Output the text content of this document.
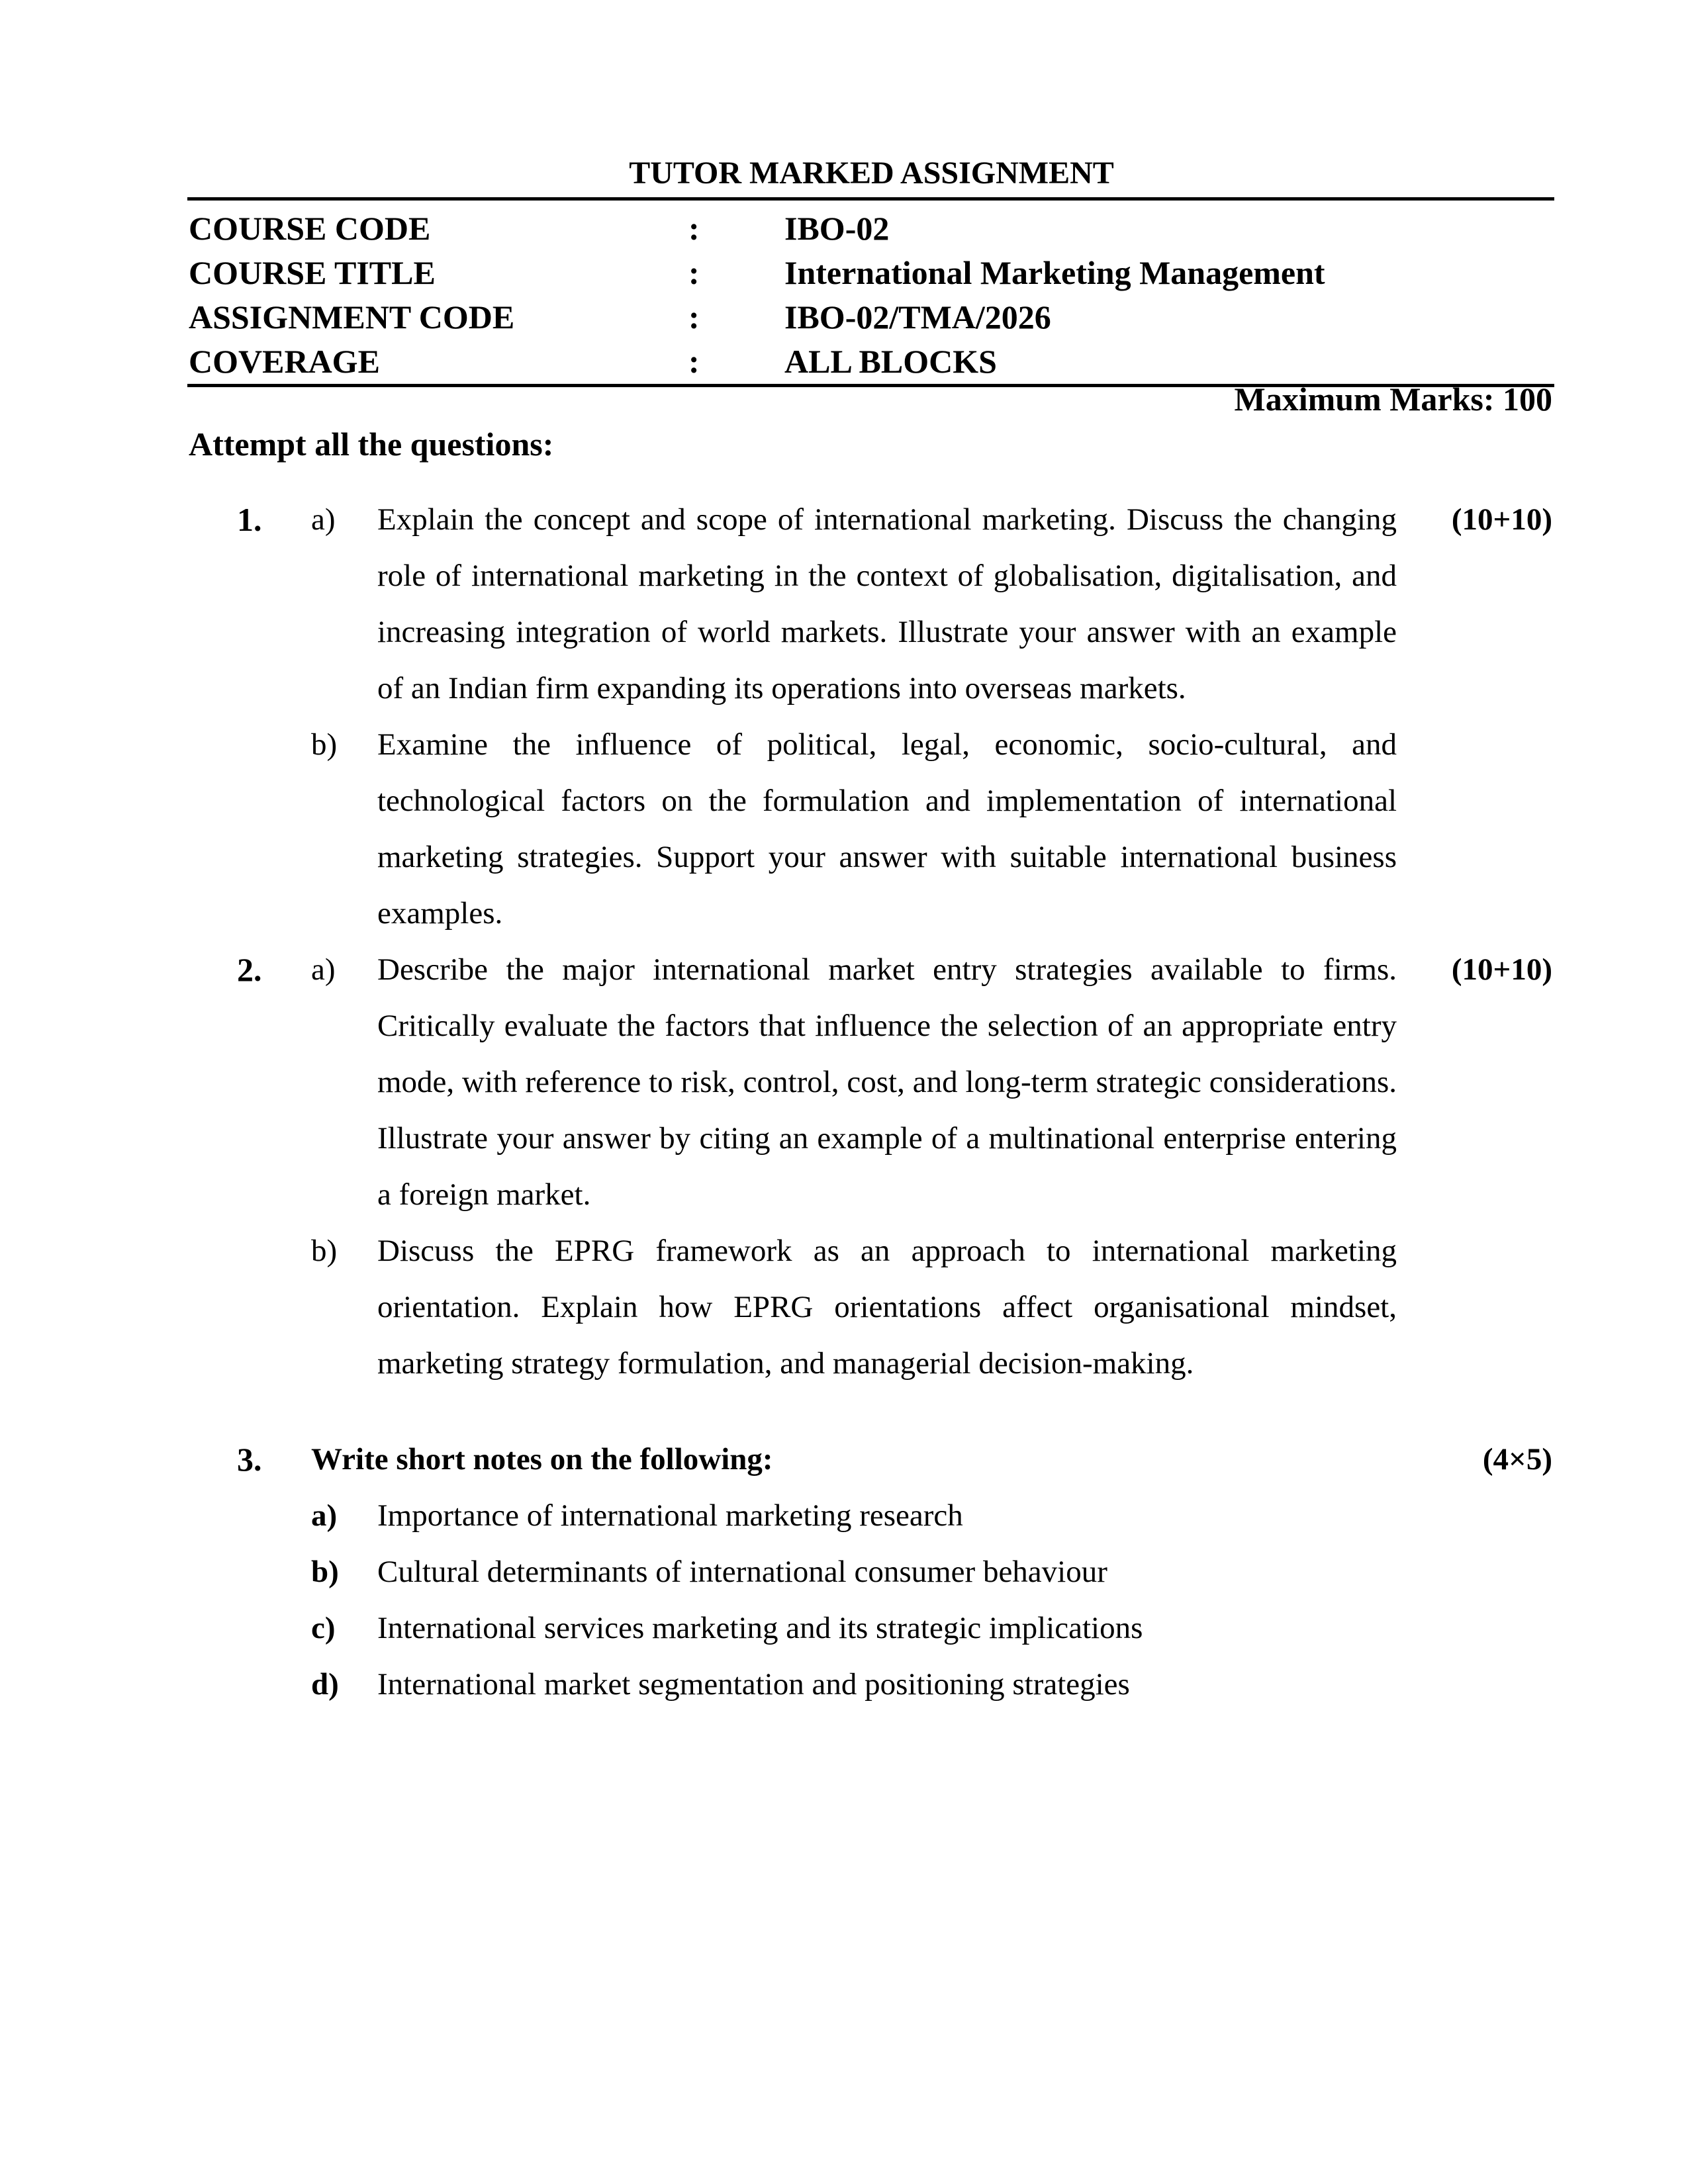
TUTOR MARKED ASSIGNMENT
COURSE CODE	:	IBO-02
COURSE TITLE	:	International Marketing Management
ASSIGNMENT CODE	:	IBO-02/TMA/2026
COVERAGE	:	ALL BLOCKS
Maximum Marks: 100
Attempt all the questions:
1.	a)	Explain the concept and scope of international marketing. Discuss the changing role of international marketing in the context of globalisation, digitalisation, and increasing integration of world markets. Illustrate your answer with an example of an Indian firm expanding its operations into overseas markets.
(10+10)
b)	Examine the influence of political, legal, economic, socio-cultural, and technological factors on the formulation and implementation of international marketing strategies. Support your answer with suitable international business examples.
2.	a)	Describe the major international market entry strategies available to firms. Critically evaluate the factors that influence the selection of an appropriate entry mode, with reference to risk, control, cost, and long-term strategic considerations. Illustrate your answer by citing an example of a multinational enterprise entering a foreign market.
(10+10)
b)	Discuss the EPRG framework as an approach to international marketing orientation. Explain how EPRG orientations affect organisational mindset, marketing strategy formulation, and managerial decision-making.
3.	Write short notes on the following:	(4×5)
a)	Importance of international marketing research
b)	Cultural determinants of international consumer behaviour
c)	International services marketing and its strategic implications
d)	International market segmentation and positioning strategies
